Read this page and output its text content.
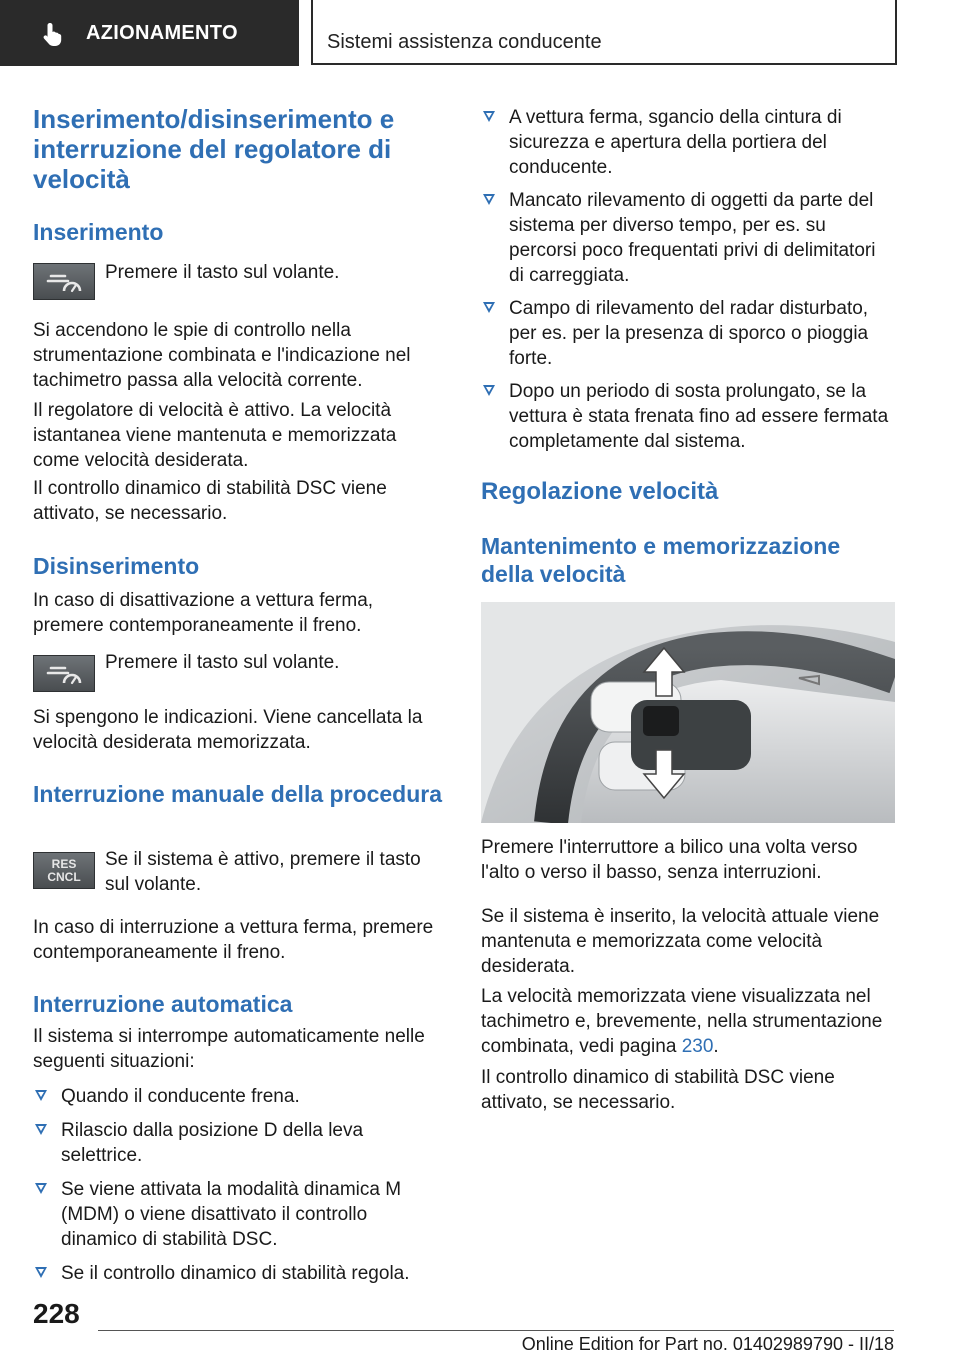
AZIONAMENTO	Sistemi assistenza conducente
Inserimento/disinserimento e interruzione del regolatore di velocità
Inserimento

Premere il tasto sul volante.

Si accendono le spie di controllo nella strumentazione combinata e l'indicazione nel tachimetro passa alla velocità corrente.

Il regolatore di velocità è attivo. La velocità istantanea viene mantenuta e memorizzata come velocità desiderata.

Il controllo dinamico di stabilità DSC viene attivato, se necessario.

Disinserimento

In caso di disattivazione a vettura ferma, premere contemporaneamente il freno.

Premere il tasto sul volante.

Si spengono le indicazioni. Viene cancellata la velocità desiderata memorizzata.

Interruzione manuale della procedura
RES
CNCL

Se il sistema è attivo, premere il tasto sul volante.

In caso di interruzione a vettura ferma, premere contemporaneamente il freno.

Interruzione automatica

Il sistema si interrompe automaticamente nelle seguenti situazioni:

Quando il conducente frena.
Rilascio dalla posizione D della leva selettrice.
Se viene attivata la modalità dinamica M (MDM) o viene disattivato il controllo dinamico di stabilità DSC.
Se il controllo dinamico di stabilità regola.
A vettura ferma, sgancio della cintura di sicurezza e apertura della portiera del conducente.
Mancato rilevamento di oggetti da parte del sistema per diverso tempo, per es. su percorsi poco frequentati privi di delimitatori di carreggiata.
Campo di rilevamento del radar disturbato, per es. per la presenza di sporco o pioggia forte.
Dopo un periodo di sosta prolungato, se la vettura è stata frenata fino ad essere fermata completamente dal sistema.
Regolazione velocità
Mantenimento e memorizzazione della velocità

Premere l'interruttore a bilico una volta verso l'alto o verso il basso, senza interruzioni.

Se il sistema è inserito, la velocità attuale viene mantenuta e memorizzata come velocità desiderata.

La velocità memorizzata viene visualizzata nel tachimetro e, brevemente, nella strumentazione combinata, vedi pagina 230.

Il controllo dinamico di stabilità DSC viene attivato, se necessario.

228
Online Edition for Part no. 01402989790 - II/18
